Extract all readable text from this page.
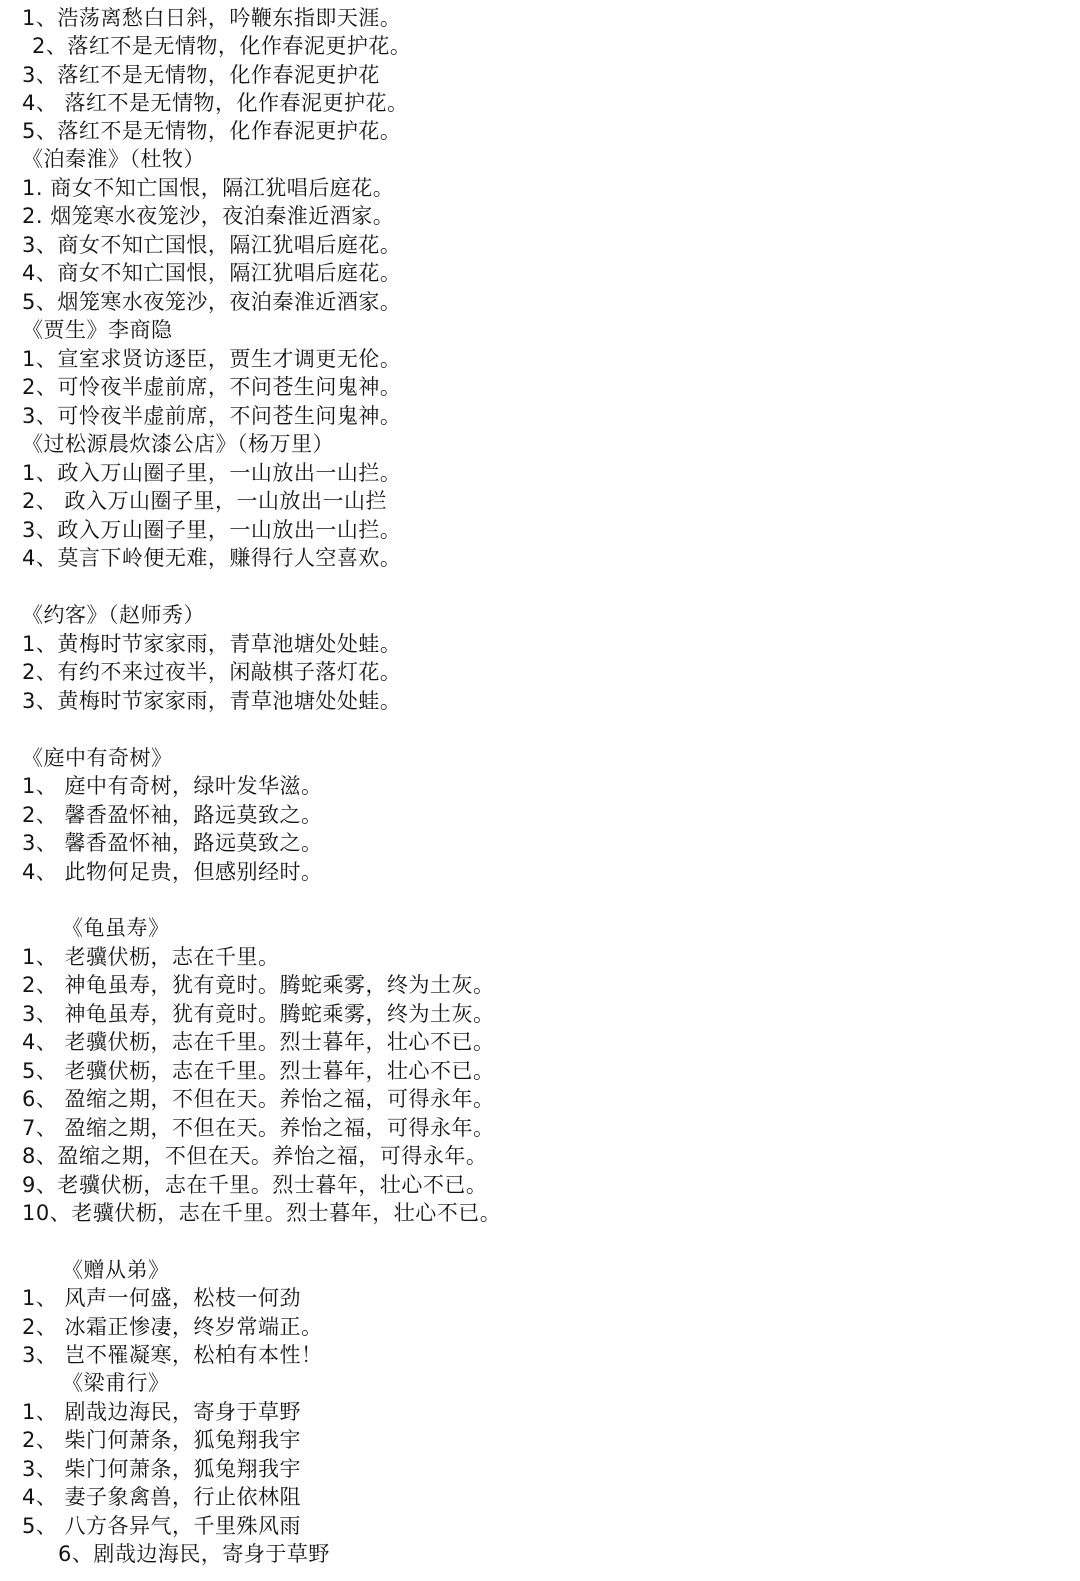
1、浩荡离愁白日斜，吟鞭东指即天涯。
2、落红不是无情物，化作春泥更护花。
3、落红不是无情物，化作春泥更护花
4、 落红不是无情物，化作春泥更护花。
5、落红不是无情物，化作春泥更护花。
《泊秦淮》（杜牧）
1. 商女不知亡国恨，隔江犹唱后庭花。
2. 烟笼寒水夜笼沙，夜泊秦淮近酒家。
3、商女不知亡国恨，隔江犹唱后庭花。
4、商女不知亡国恨，隔江犹唱后庭花。
5、烟笼寒水夜笼沙，夜泊秦淮近酒家。
《贾生》李商隐
1、宣室求贤访逐臣，贾生才调更无伦。
2、可怜夜半虚前席，不问苍生问鬼神。
3、可怜夜半虚前席，不问苍生问鬼神。
《过松源晨炊漆公店》（杨万里）
1、政入万山圈子里，一山放出一山拦。
2、 政入万山圈子里，一山放出一山拦
3、政入万山圈子里，一山放出一山拦。
4、莫言下岭便无难，赚得行人空喜欢。
《约客》（赵师秀）
1、黄梅时节家家雨，青草池塘处处蛙。
2、有约不来过夜半，闲敲棋子落灯花。
3、黄梅时节家家雨，青草池塘处处蛙。
《庭中有奇树》
1、 庭中有奇树，绿叶发华滋。
2、 馨香盈怀袖，路远莫致之。
3、 馨香盈怀袖，路远莫致之。
4、 此物何足贵，但感别经时。
《龟虽寿》
1、 老骥伏枥，志在千里。
2、 神龟虽寿，犹有竟时。腾蛇乘雾，终为土灰。
3、 神龟虽寿，犹有竟时。腾蛇乘雾，终为土灰。
4、 老骥伏枥，志在千里。烈士暮年，壮心不已。
5、 老骥伏枥，志在千里。烈士暮年，壮心不已。
6、 盈缩之期，不但在天。养怡之福，可得永年。
7、 盈缩之期，不但在天。养怡之福，可得永年。
8、盈缩之期，不但在天。养怡之福，可得永年。
9、老骥伏枥，志在千里。烈士暮年，壮心不已。
10、老骥伏枥，志在千里。烈士暮年，壮心不已。
《赠从弟》
1、 风声一何盛，松枝一何劲
2、 冰霜正惨凄，终岁常端正。
3、 岂不罹凝寒，松柏有本性！
《梁甫行》
1、 剧哉边海民，寄身于草野
2、 柴门何萧条，狐兔翔我宇
3、 柴门何萧条，狐兔翔我宇
4、 妻子象禽兽，行止依林阻
5、 八方各异气，千里殊风雨
6、剧哉边海民，寄身于草野
